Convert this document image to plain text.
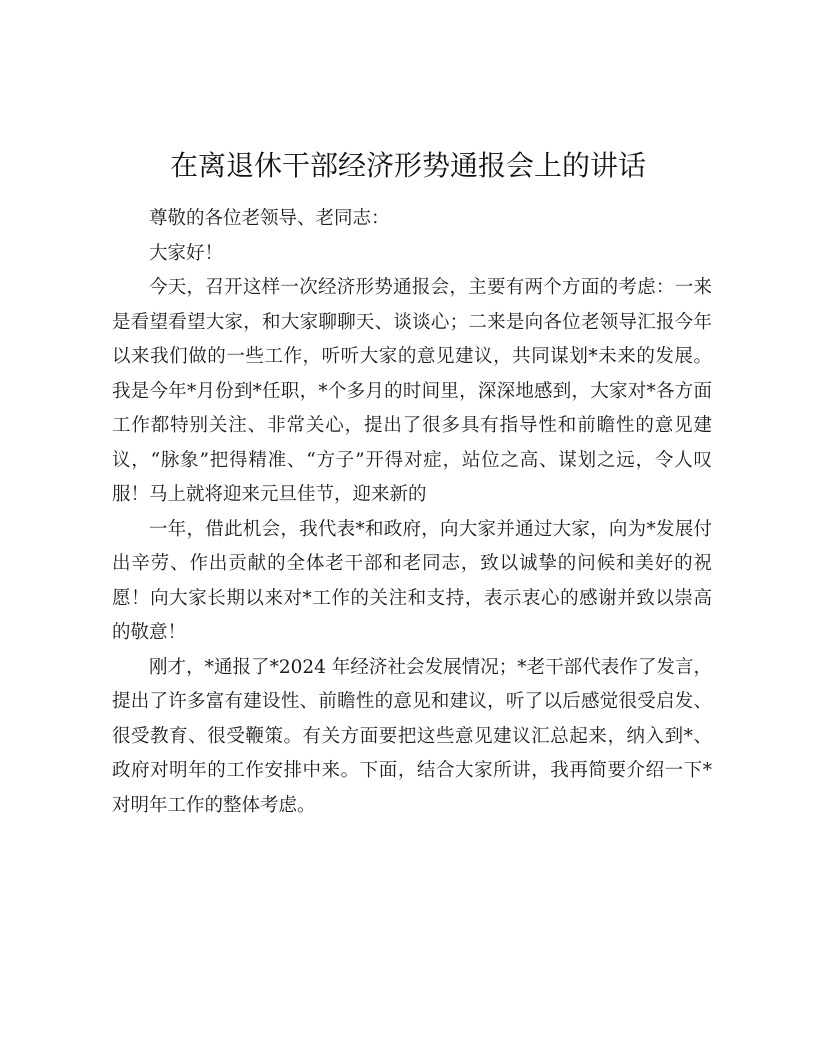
在离退休干部经济形势通报会上的讲话

尊敬的各位老领导、老同志：

大家好！

今天，召开这样一次经济形势通报会，主要有两个方面的考虑：一来是看望看望大家，和大家聊聊天、谈谈心；二来是向各位老领导汇报今年以来我们做的一些工作，听听大家的意见建议，共同谋划*未来的发展。我是今年*月份到*任职，*个多月的时间里，深深地感到，大家对*各方面工作都特别关注、非常关心，提出了很多具有指导性和前瞻性的意见建议，“脉象”把得精准、“方子”开得对症，站位之高、谋划之远，令人叹服！马上就将迎来元旦佳节，迎来新的

一年，借此机会，我代表*和政府，向大家并通过大家，向为*发展付出辛劳、作出贡献的全体老干部和老同志，致以诚挚的问候和美好的祝愿！向大家长期以来对*工作的关注和支持，表示衷心的感谢并致以崇高的敬意！

刚才，*通报了*2024 年经济社会发展情况；*老干部代表作了发言，提出了许多富有建设性、前瞻性的意见和建议，听了以后感觉很受启发、很受教育、很受鞭策。有关方面要把这些意见建议汇总起来，纳入到*、政府对明年的工作安排中来。下面，结合大家所讲，我再简要介绍一下*对明年工作的整体考虑。
